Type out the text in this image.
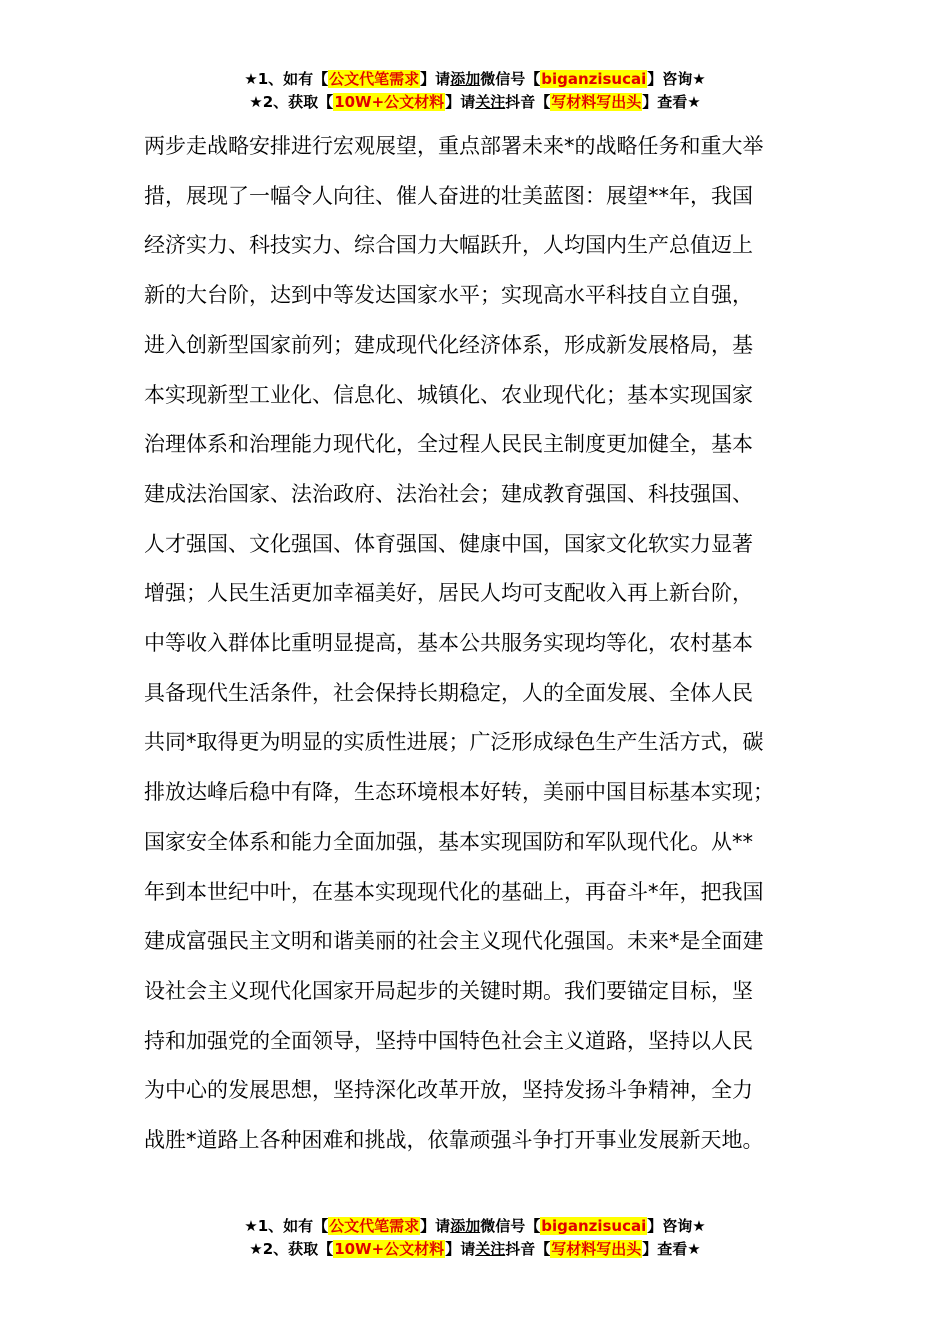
★1、如有【公文代笔需求】请添加微信号【biganzisucai】咨询★
★2、获取【10W+公文材料】请关注抖音【写材料写出头】查看★
两步走战略安排进行宏观展望，重点部署未来*的战略任务和重大举
措，展现了一幅令人向往、催人奋进的壮美蓝图：展望**年，我国
经济实力、科技实力、综合国力大幅跃升，人均国内生产总值迈上
新的大台阶，达到中等发达国家水平；实现高水平科技自立自强，
进入创新型国家前列；建成现代化经济体系，形成新发展格局，基
本实现新型工业化、信息化、城镇化、农业现代化；基本实现国家
治理体系和治理能力现代化，全过程人民民主制度更加健全，基本
建成法治国家、法治政府、法治社会；建成教育强国、科技强国、
人才强国、文化强国、体育强国、健康中国，国家文化软实力显著
增强；人民生活更加幸福美好，居民人均可支配收入再上新台阶，
中等收入群体比重明显提高，基本公共服务实现均等化，农村基本
具备现代生活条件，社会保持长期稳定，人的全面发展、全体人民
共同*取得更为明显的实质性进展；广泛形成绿色生产生活方式，碳
排放达峰后稳中有降，生态环境根本好转，美丽中国目标基本实现；
国家安全体系和能力全面加强，基本实现国防和军队现代化。从**
年到本世纪中叶，在基本实现现代化的基础上，再奋斗*年，把我国
建成富强民主文明和谐美丽的社会主义现代化强国。未来*是全面建
设社会主义现代化国家开局起步的关键时期。我们要锚定目标，坚
持和加强党的全面领导，坚持中国特色社会主义道路，坚持以人民
为中心的发展思想，坚持深化改革开放，坚持发扬斗争精神，全力
战胜*道路上各种困难和挑战，依靠顽强斗争打开事业发展新天地。
★1、如有【公文代笔需求】请添加微信号【biganzisucai】咨询★
★2、获取【10W+公文材料】请关注抖音【写材料写出头】查看★
